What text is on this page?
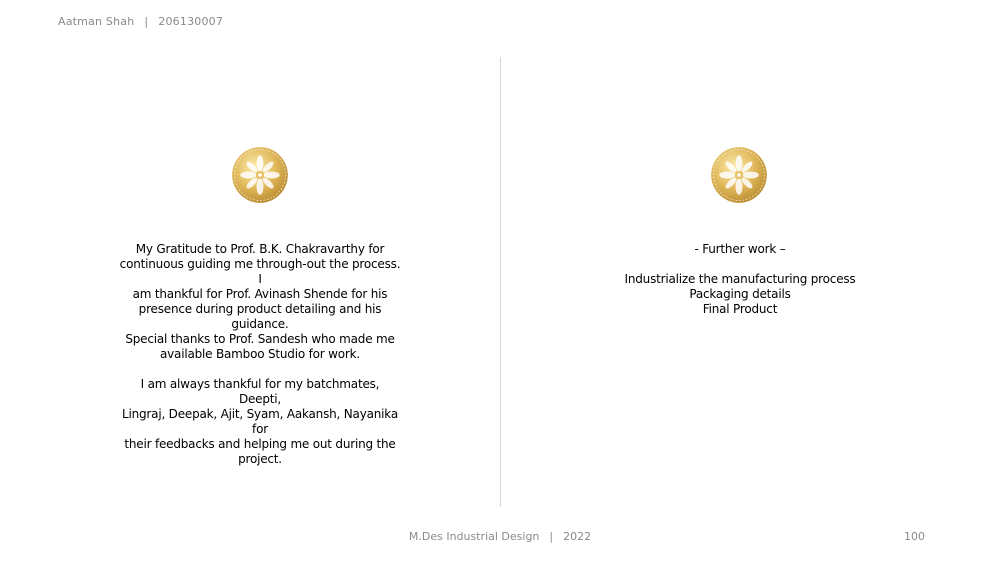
Aatman Shah | 206130007

My Gratitude to Prof. B.K. Chakravarthy for

continuous guiding me through-out the process. I

am thankful for Prof. Avinash Shende for his

presence during product detailing and his

guidance.

Special thanks to Prof. Sandesh who made me

available Bamboo Studio for work.

I am always thankful for my batchmates, Deepti,

Lingraj, Deepak, Ajit, Syam, Aakansh, Nayanika for

their feedbacks and helping me out during the

project.

- Further work –

Industrialize the manufacturing process

Packaging details

Final Product

M.Des Industrial Design | 2022	100
